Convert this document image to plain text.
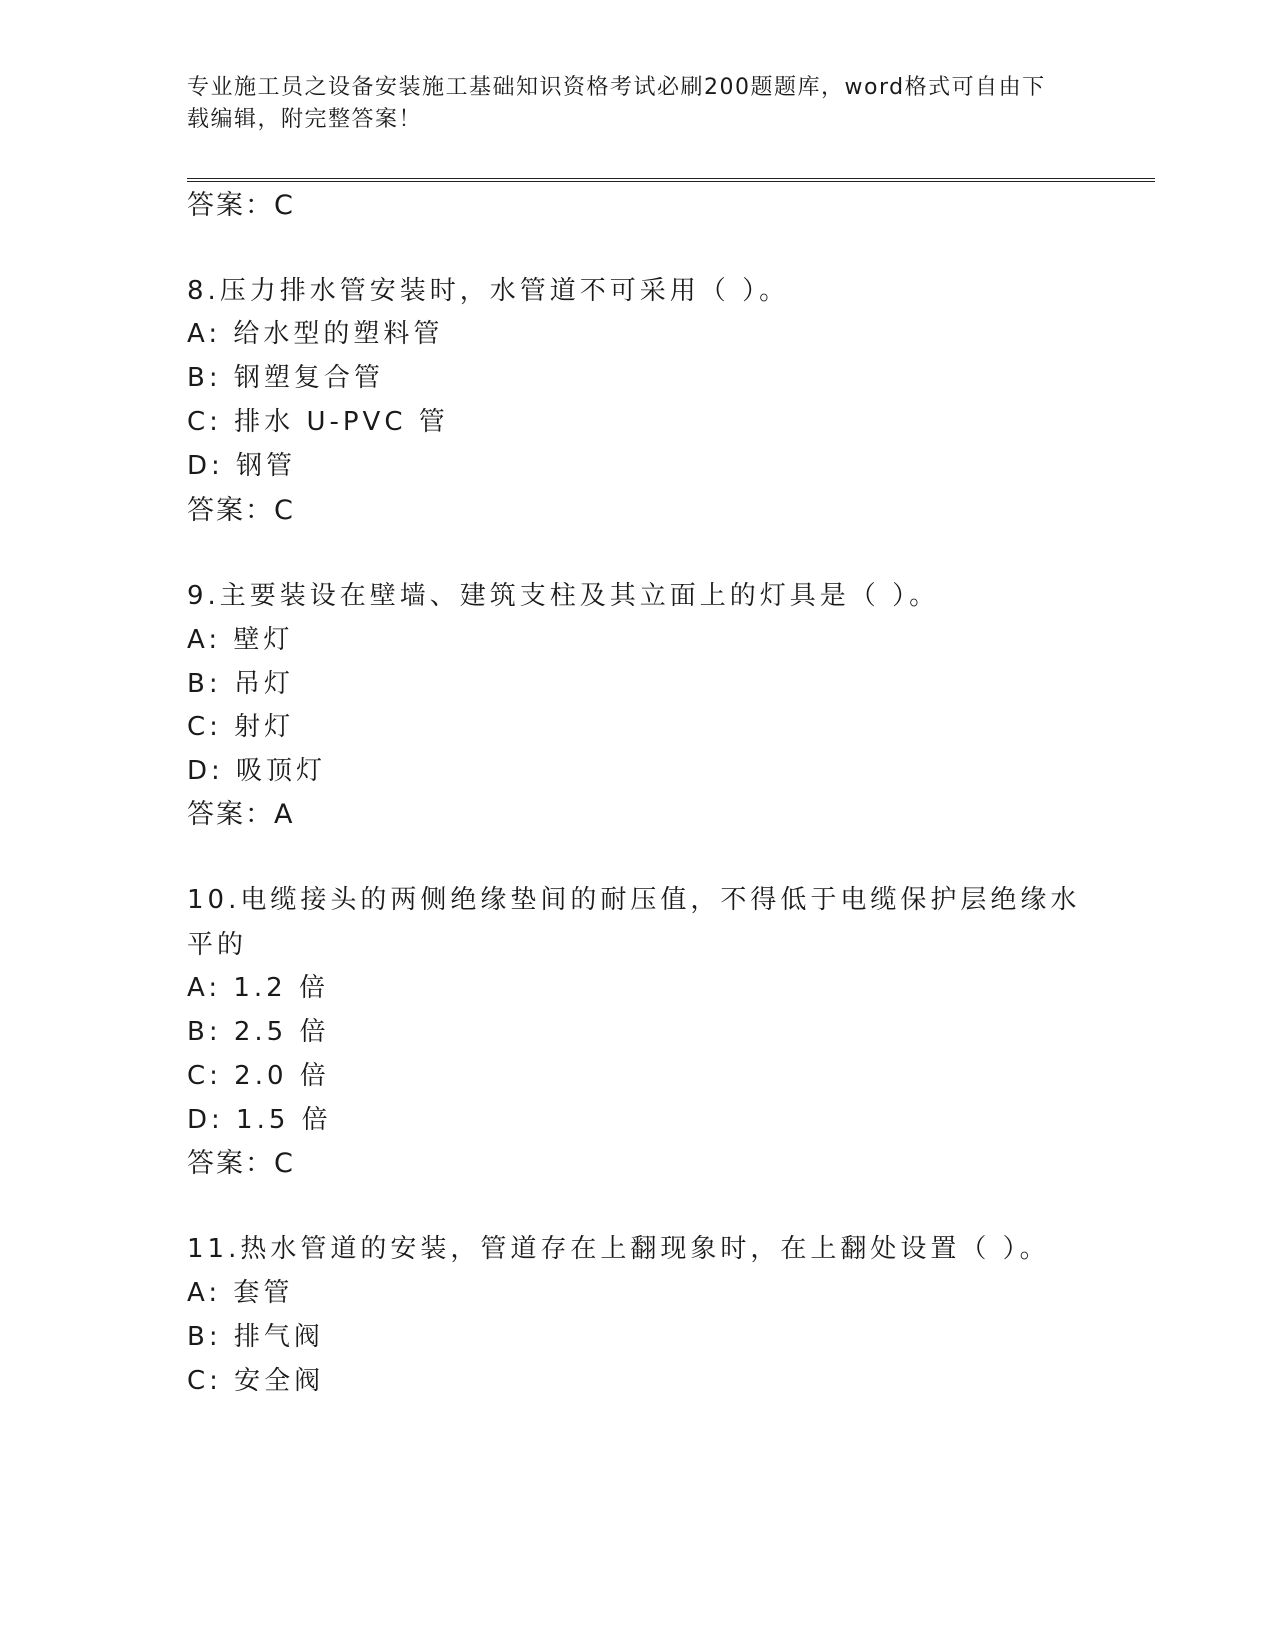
专业施工员之设备安装施工基础知识资格考试必刷200题题库，word格式可自由下载编辑，附完整答案！
答案：C
8.压力排水管安装时，水管道不可采用（ ）。
A: 给水型的塑料管
B: 钢塑复合管
C: 排水 U-PVC 管
D: 钢管
答案：C
9.主要装设在壁墙、建筑支柱及其立面上的灯具是（ ）。
A: 壁灯
B: 吊灯
C: 射灯
D: 吸顶灯
答案：A
10.电缆接头的两侧绝缘垫间的耐压值，不得低于电缆保护层绝缘水平的
A: 1.2 倍
B: 2.5 倍
C: 2.0 倍
D: 1.5 倍
答案：C
11.热水管道的安装，管道存在上翻现象时，在上翻处设置（ ）。
A: 套管
B: 排气阀
C: 安全阀
